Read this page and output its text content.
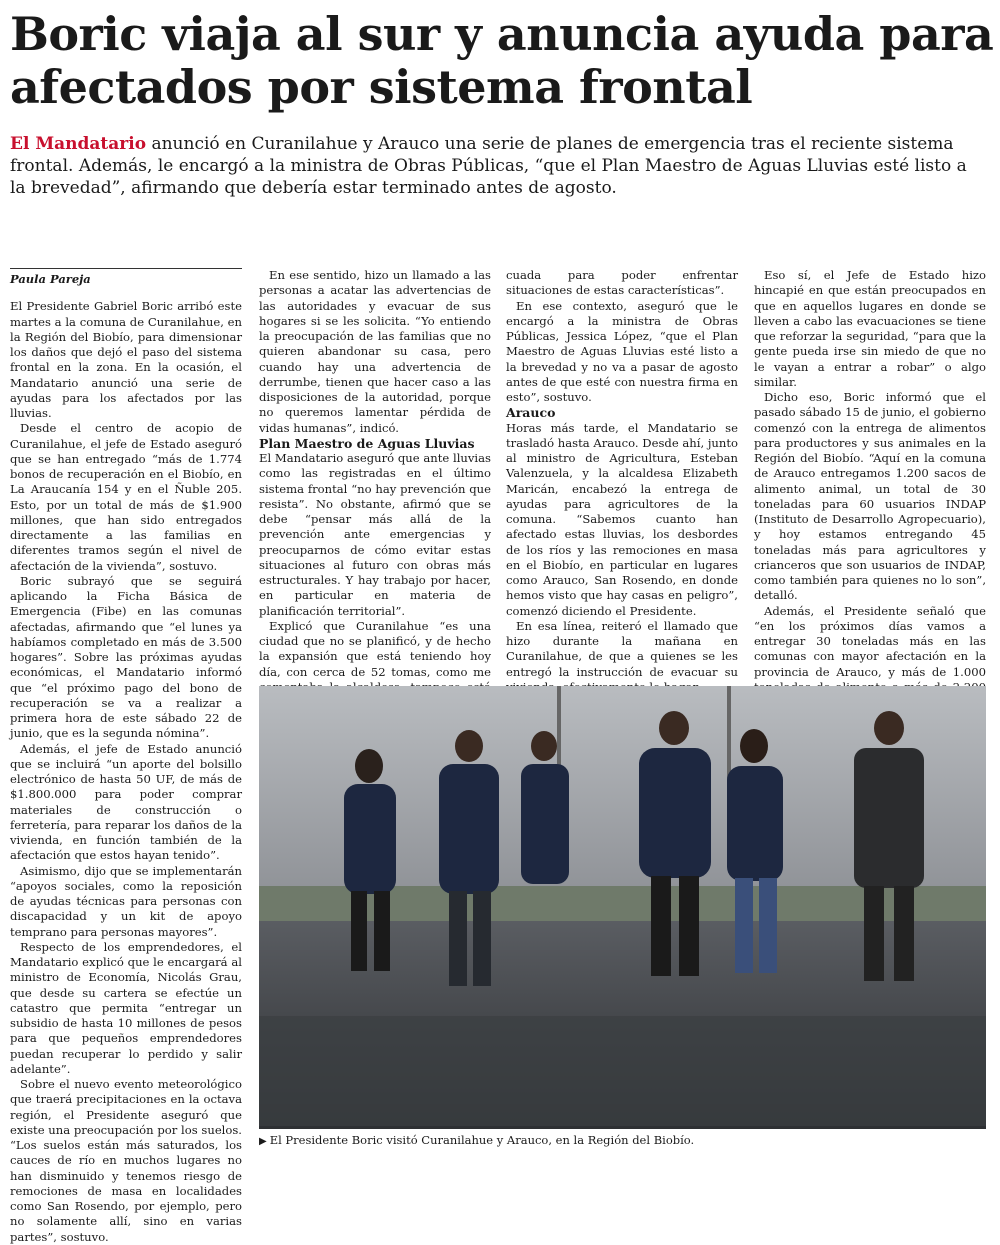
Boric viaja al sur y anuncia ayuda para afectados por sistema frontal

El Mandatario anunció en Curanilahue y Arauco una serie de planes de emergencia tras el reciente sistema frontal. Además, le encargó a la ministra de Obras Públicas, “que el Plan Maestro de Aguas Lluvias esté listo a la brevedad”, afirmando que debería estar terminado antes de agosto.

Paula Pareja

El Presidente Gabriel Boric arribó este martes a la comuna de Curanilahue, en la Región del Biobío, para dimensionar los daños que dejó el paso del sistema frontal en la zona. En la ocasión, el Mandatario anunció una serie de ayudas para los afectados por las lluvias.

Desde el centro de acopio de Curanilahue, el jefe de Estado aseguró que se han entregado “más de 1.774 bonos de recuperación en el Biobío, en La Araucanía 154 y en el Ñuble 205. Esto, por un total de más de $1.900 millones, que han sido entregados directamente a las familias en diferentes tramos según el nivel de afectación de la vivienda”, sostuvo.

Boric subrayó que se seguirá aplicando la Ficha Básica de Emergencia (Fibe) en las comunas afectadas, afirmando que “el lunes ya habíamos completado en más de 3.500 hogares”. Sobre las próximas ayudas económicas, el Mandatario informó que “el próximo pago del bono de recuperación se va a realizar a primera hora de este sábado 22 de junio, que es la segunda nómina”.

Además, el jefe de Estado anunció que se incluirá “un aporte del bolsillo electrónico de hasta 50 UF, de más de $1.800.000 para poder comprar materiales de construcción o ferretería, para reparar los daños de la vivienda, en función también de la afectación que estos hayan tenido”.

Asimismo, dijo que se implementarán “apoyos sociales, como la reposición de ayudas técnicas para personas con discapacidad y un kit de apoyo temprano para personas mayores”.

Respecto de los emprendedores, el Mandatario explicó que le encargará al ministro de Economía, Nicolás Grau, que desde su cartera se efectúe un catastro que permita “entregar un subsidio de hasta 10 millones de pesos para que pequeños emprendedores puedan recuperar lo perdido y salir adelante”.

Sobre el nuevo evento meteorológico que traerá precipitaciones en la octava región, el Presidente aseguró que existe una preocupación por los suelos. “Los suelos están más saturados, los cauces de río en muchos lugares no han disminuido y tenemos riesgo de remociones de masa en localidades como San Rosendo, por ejemplo, pero no solamente allí, sino en varias partes”, sostuvo.

En ese sentido, hizo un llamado a las personas a acatar las advertencias de las autoridades y evacuar de sus hogares si se les solicita. “Yo entiendo la preocupación de las familias que no quieren abandonar su casa, pero cuando hay una advertencia de derrumbe, tienen que hacer caso a las disposiciones de la autoridad, porque no queremos lamentar pérdida de vidas humanas”, indicó.

Plan Maestro de Aguas Lluvias

El Mandatario aseguró que ante lluvias como las registradas en el último sistema frontal “no hay prevención que resista”. No obstante, afirmó que se debe “pensar más allá de la prevención ante emergencias y preocuparnos de cómo evitar estas situaciones al futuro con obras más estructurales. Y hay trabajo por hacer, en particular en materia de planificación territorial”.

Explicó que Curanilahue “es una ciudad que no se planificó, y de hecho la expansión que está teniendo hoy día, con cerca de 52 tomas, como me

cuada para poder enfrentar situaciones de estas características”.

En ese contexto, aseguró que le encargó a la ministra de Obras Públicas, Jessica López, “que el Plan Maestro de Aguas Lluvias esté listo a la brevedad y no va a pasar de agosto antes de que esté con nuestra firma en esto”, sostuvo.

Arauco

Horas más tarde, el Mandatario se trasladó hasta Arauco. Desde ahí, junto al ministro de Agricultura, Esteban Valenzuela, y la alcaldesa Elizabeth Maricán, encabezó la entrega de ayudas para agricultores de la comuna. “Sabemos cuanto han afectado estas lluvias, los desbordes de los ríos y las remociones en masa en el Biobío, en particular en lugares como Arauco, San Rosendo, en donde hemos visto que hay casas en peligro”, comenzó diciendo el Presidente.

En esa línea, reiteró el llamado que hizo durante la mañana en Curanilahue, de que a quienes se les entregó la instrucción de evacuar su

Eso sí, el Jefe de Estado hizo hincapié en que están preocupados en que en aquellos lugares en donde se lleven a cabo las evacuaciones se tiene que reforzar la seguridad, “para que la gente pueda irse sin miedo de que no le vayan a entrar a robar” o algo similar.

Dicho eso, Boric informó que el pasado sábado 15 de junio, el gobierno comenzó con la entrega de alimentos para productores y sus animales en la Región del Biobío. “Aquí en la comuna de Arauco entregamos 1.200 sacos de alimento animal, un total de 30 toneladas para 60 usuarios INDAP (Instituto de Desarrollo Agropecuario), y hoy estamos entregando 45 toneladas más para agricultores y crianceros que son usuarios de INDAP, como también para quienes no lo son”, detalló.

Además, el Presidente señaló que “en los próximos días vamos a entregar 30 toneladas más en las comunas con mayor afectación en la provincia de Arauco, y más de 1.000

▶ El Presidente Boric visitó Curanilahue y Arauco, en la Región del Biobío.
